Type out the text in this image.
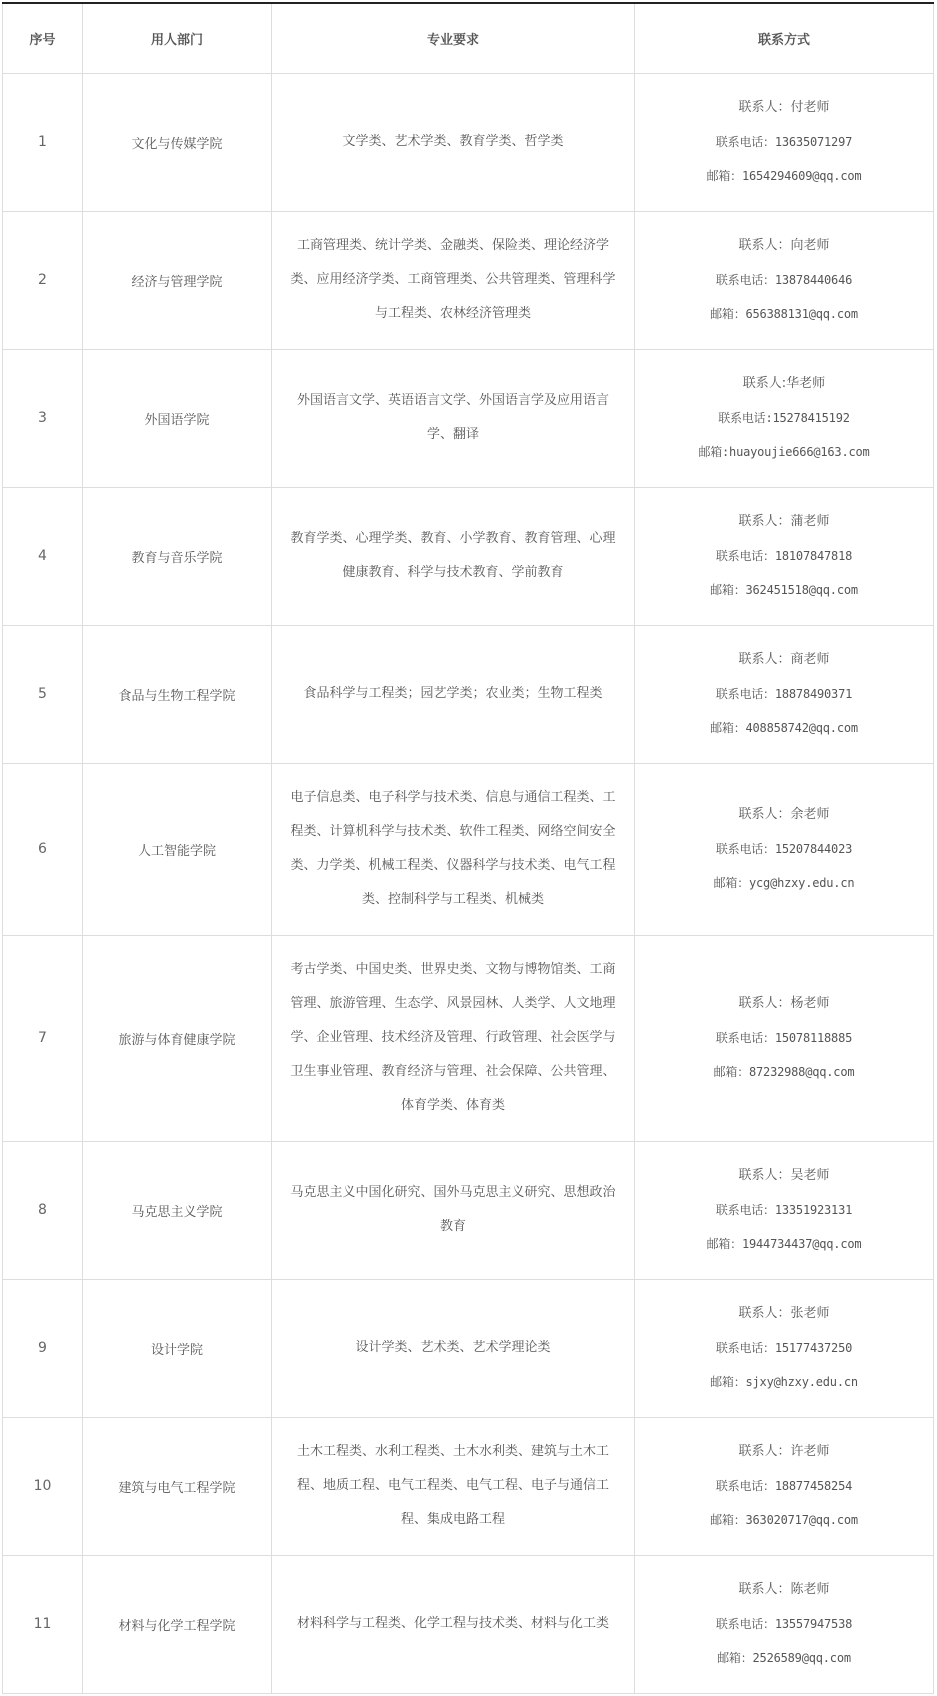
序号	用人部门	专业要求	联系方式
1	文化与传媒学院	文学类、艺术学类、教育学类、哲学类	联系人：付老师
联系电话：13635071297
邮箱：1654294609@qq.com

2	经济与管理学院	工商管理类、统计学类、金融类、保险类、理论经济学类、应用经济学类、工商管理类、公共管理类、管理科学与工程类、农林经济管理类	联系人：向老师
联系电话：13878440646
邮箱：656388131@qq.com

3	外国语学院	外国语言文学、英语语言文学、外国语言学及应用语言学、翻译	联系人:华老师
联系电话:15278415192
邮箱:huayoujie666@163.com

4	教育与音乐学院	教育学类、心理学类、教育、小学教育、教育管理、心理健康教育、科学与技术教育、学前教育	联系人：蒲老师
联系电话：18107847818
邮箱：362451518@qq.com

5	食品与生物工程学院	食品科学与工程类；园艺学类；农业类；生物工程类	联系人：商老师
联系电话：18878490371
邮箱：408858742@qq.com

6	人工智能学院	电子信息类、电子科学与技术类、信息与通信工程类、工程类、计算机科学与技术类、软件工程类、网络空间安全类、力学类、机械工程类、仪器科学与技术类、电气工程类、控制科学与工程类、机械类	联系人：余老师
联系电话：15207844023
邮箱：ycg@hzxy.edu.cn

7	旅游与体育健康学院	考古学类、中国史类、世界史类、文物与博物馆类、工商管理、旅游管理、生态学、风景园林、人类学、人文地理学、企业管理、技术经济及管理、行政管理、社会医学与卫生事业管理、教育经济与管理、社会保障、公共管理、体育学类、体育类	联系人：杨老师
联系电话：15078118885
邮箱：87232988@qq.com

8	马克思主义学院	马克思主义中国化研究、国外马克思主义研究、思想政治教育	联系人：吴老师
联系电话：13351923131
邮箱：1944734437@qq.com

9	设计学院	设计学类、艺术类、艺术学理论类	联系人：张老师
联系电话：15177437250
邮箱：sjxy@hzxy.edu.cn

10	建筑与电气工程学院	土木工程类、水利工程类、土木水利类、建筑与土木工程、地质工程、电气工程类、电气工程、电子与通信工程、集成电路工程	联系人：许老师
联系电话：18877458254
邮箱：363020717@qq.com

11	材料与化学工程学院	材料科学与工程类、化学工程与技术类、材料与化工类	联系人：陈老师
联系电话：13557947538
邮箱：2526589@qq.com
